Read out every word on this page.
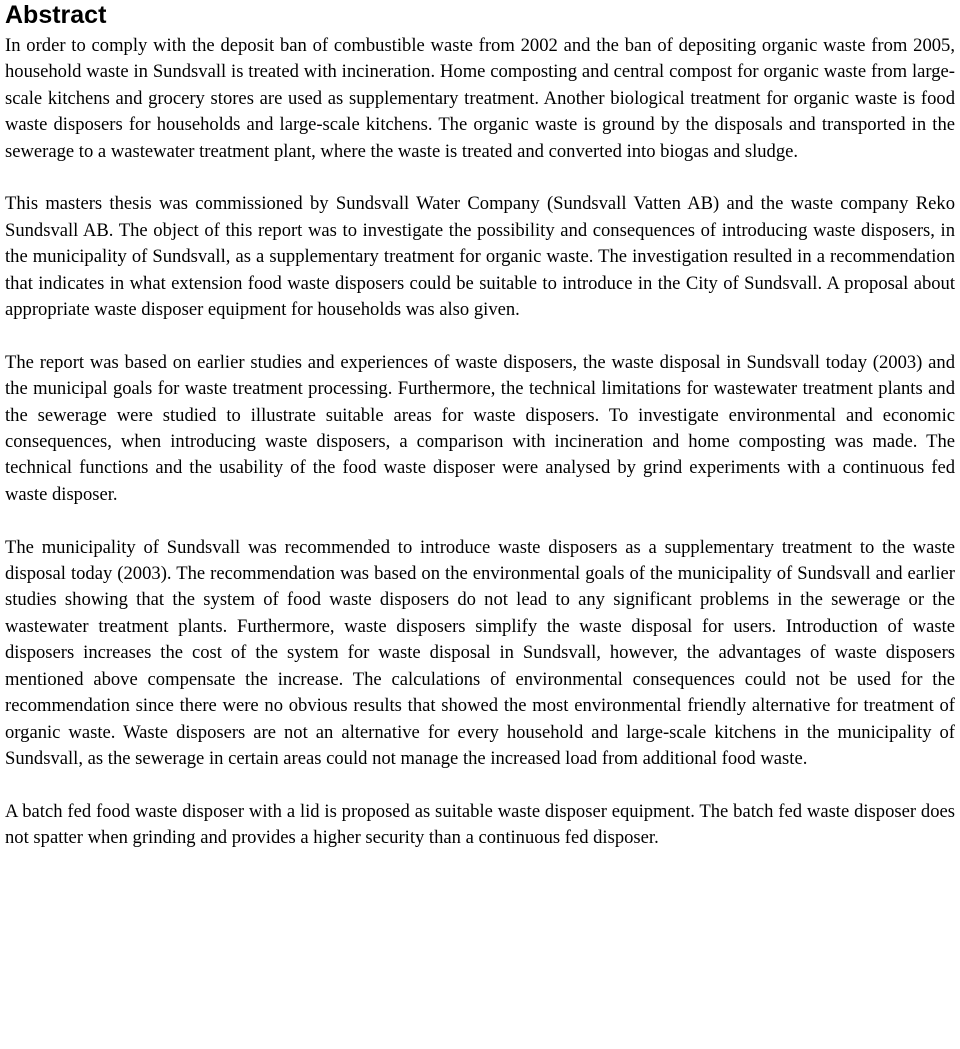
Abstract

In order to comply with the deposit ban of combustible waste from 2002 and the ban of depositing organic waste from 2005, household waste in Sundsvall is treated with incineration. Home composting and central compost for organic waste from large-scale kitchens and grocery stores are used as supplementary treatment. Another biological treatment for organic waste is food waste disposers for households and large-scale kitchens. The organic waste is ground by the disposals and transported in the sewerage to a wastewater treatment plant, where the waste is treated and converted into biogas and sludge.

This masters thesis was commissioned by Sundsvall Water Company (Sundsvall Vatten AB) and the waste company Reko Sundsvall AB. The object of this report was to investigate the possibility and consequences of introducing waste disposers, in the municipality of Sundsvall, as a supplementary treatment for organic waste. The investigation resulted in a recommendation that indicates in what extension food waste disposers could be suitable to introduce in the City of Sundsvall. A proposal about appropriate waste disposer equipment for households was also given.

The report was based on earlier studies and experiences of waste disposers, the waste disposal in Sundsvall today (2003) and the municipal goals for waste treatment processing. Furthermore, the technical limitations for wastewater treatment plants and the sewerage were studied to illustrate suitable areas for waste disposers. To investigate environmental and economic consequences, when introducing waste disposers, a comparison with incineration and home composting was made. The technical functions and the usability of the food waste disposer were analysed by grind experiments with a continuous fed waste disposer.

The municipality of Sundsvall was recommended to introduce waste disposers as a supplementary treatment to the waste disposal today (2003). The recommendation was based on the environmental goals of the municipality of Sundsvall and earlier studies showing that the system of food waste disposers do not lead to any significant problems in the sewerage or the wastewater treatment plants. Furthermore, waste disposers simplify the waste disposal for users. Introduction of waste disposers increases the cost of the system for waste disposal in Sundsvall, however, the advantages of waste disposers mentioned above compensate the increase. The calculations of environmental consequences could not be used for the recommendation since there were no obvious results that showed the most environmental friendly alternative for treatment of organic waste. Waste disposers are not an alternative for every household and large-scale kitchens in the municipality of Sundsvall, as the sewerage in certain areas could not manage the increased load from additional food waste.

A batch fed food waste disposer with a lid is proposed as suitable waste disposer equipment. The batch fed waste disposer does not spatter when grinding and provides a higher security than a continuous fed disposer.
